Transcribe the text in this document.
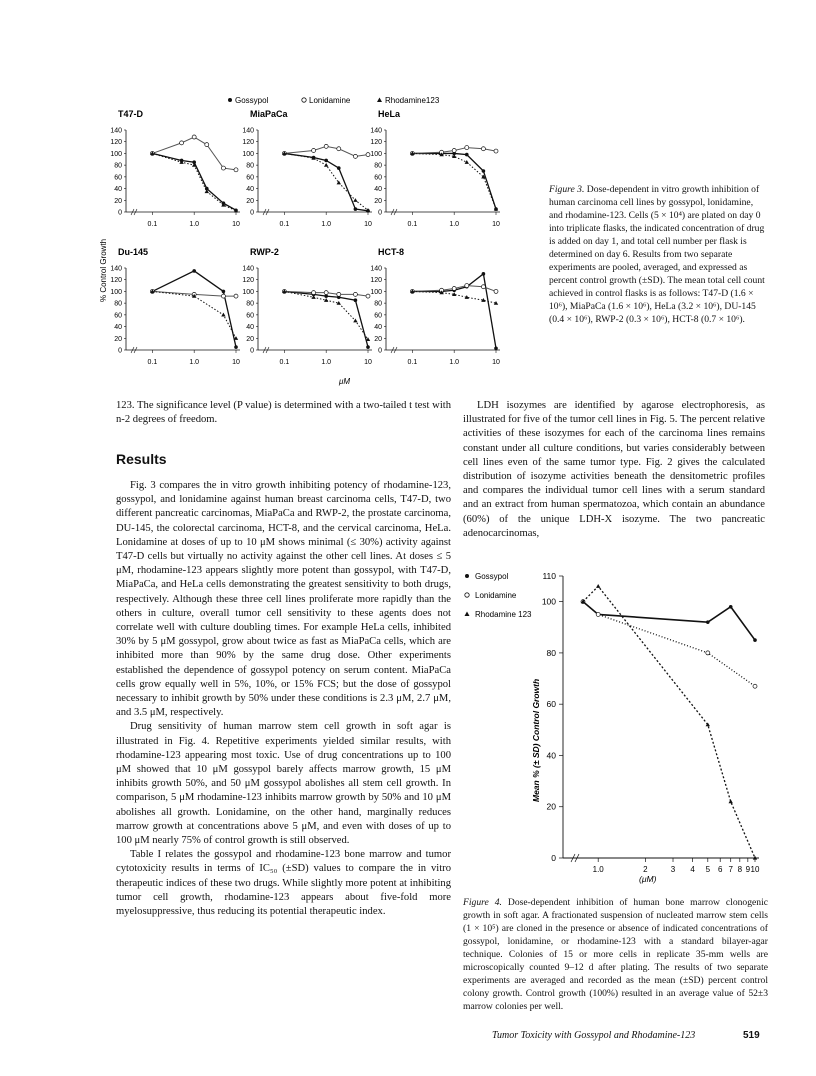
Gossypol	Lonidamine	Rhodamine123
% Control Growth
μM
T47-D
140
120
100
80
60
40
20
0
0.1	1.0	10
MiaPaCa
140
120
100
80
60
40
20
0
0.1	1.0	10
HeLa
140
120
100
80
60
40
20
0
0.1	1.0	10
Du-145
140
120
100
80
60
40
20
0
0.1	1.0	10
RWP-2
140
120
100
80
60
40
20
0
0.1	1.0	10
HCT-8
140
120
100
80
60
40
20
0
0.1	1.0	10
Figure 3. Dose-dependent in vitro growth inhibition of human carcinoma cell lines by gossypol, lonidamine, and rhodamine-123. Cells (5 × 10⁴) are plated on day 0 into triplicate flasks, the indicated concentration of drug is added on day 1, and total cell number per flask is determined on day 6. Results from two separate experiments are pooled, averaged, and expressed as percent control growth (±SD). The mean total cell count achieved in control flasks is as follows: T47-D (1.6 × 10⁶), MiaPaCa (1.6 × 10⁶), HeLa (3.2 × 10⁶), DU-145 (0.4 × 10⁶), RWP-2 (0.3 × 10⁶), HCT-8 (0.7 × 10⁶).

123. The significance level (P value) is determined with a two-tailed t test with n-2 degrees of freedom.

Results

Fig. 3 compares the in vitro growth inhibiting potency of rhodamine-123, gossypol, and lonidamine against human breast carcinoma cells, T47-D, two different pancreatic carcinomas, MiaPaCa and RWP-2, the prostate carcinoma, DU-145, the colorectal carcinoma, HCT-8, and the cervical carcinoma, HeLa. Lonidamine at doses of up to 10 μM shows minimal (≤ 30%) activity against T47-D cells but virtually no activity against the other cell lines. At doses ≤ 5 μM, rhodamine-123 appears slightly more potent than gossypol, with T47-D, MiaPaCa, and HeLa cells demonstrating the greatest sensitivity to both drugs, respectively. Although these three cell lines proliferate more rapidly than the others in culture, overall tumor cell sensitivity to these agents does not correlate well with culture doubling times. For example HeLa cells, inhibited 30% by 5 μM gossypol, grow about twice as fast as MiaPaCa cells, which are inhibited more than 90% by the same drug dose. Other experiments established the dependence of gossypol potency on serum content. MiaPaCa cells grow equally well in 5%, 10%, or 15% FCS; but the dose of gossypol necessary to inhibit growth by 50% under these conditions is 2.3 μM, 2.7 μM, and 3.5 μM, respectively.

Drug sensitivity of human marrow stem cell growth in soft agar is illustrated in Fig. 4. Repetitive experiments yielded similar results, with rhodamine-123 appearing most toxic. Use of drug concentrations up to 100 μM showed that 10 μM gossypol barely affects marrow growth, 15 μM inhibits growth 50%, and 50 μM gossypol abolishes all stem cell growth. In comparison, 5 μM rhodamine-123 inhibits marrow growth by 50% and 10 μM abolishes all growth. Lonidamine, on the other hand, marginally reduces marrow growth at concentrations above 5 μM, and even with doses of up to 100 μM nearly 75% of control growth is still observed.

Table I relates the gossypol and rhodamine-123 bone marrow and tumor cytotoxicity results in terms of IC₅₀ (±SD) values to compare the in vitro therapeutic indices of these two drugs. While slightly more potent at inhibiting tumor cell growth, rhodamine-123 appears about five-fold more myelosuppressive, thus reducing its potential therapeutic index.

LDH isozymes are identified by agarose electrophoresis, as illustrated for five of the tumor cell lines in Fig. 5. The percent relative activities of these isozymes for each of the carcinoma lines remains constant under all culture conditions, but varies considerably between cell lines even of the same tumor type. Fig. 2 gives the calculated distribution of isozyme activities beneath the densitometric profiles and compares the individual tumor cell lines with a serum standard and an extract from human spermatozoa, which contain an abundance (60%) of the unique LDH-X isozyme. The two pancreatic adenocarcinomas,

Gossypol
Lonidamine
Rhodamine 123
Mean % (± SD) Control Growth
(μM)
110
100
80
60
40
20
0
1.0	2	3 4 5 6 7 8 9 10
Figure 4. Dose-dependent inhibition of human bone marrow clonogenic growth in soft agar. A fractionated suspension of nucleated marrow stem cells (1 × 10⁵) are cloned in the presence or absence of indicated concentrations of gossypol, lonidamine, or rhodamine-123 with a standard bilayer-agar technique. Colonies of 15 or more cells in replicate 35-mm wells are microscopically counted 9–12 d after plating. The results of two separate experiments are averaged and recorded as the mean (±SD) percent control colony growth. Control growth (100%) resulted in an average value of 52±3 marrow colonies per well.
Tumor Toxicity with Gossypol and Rhodamine-123	519
